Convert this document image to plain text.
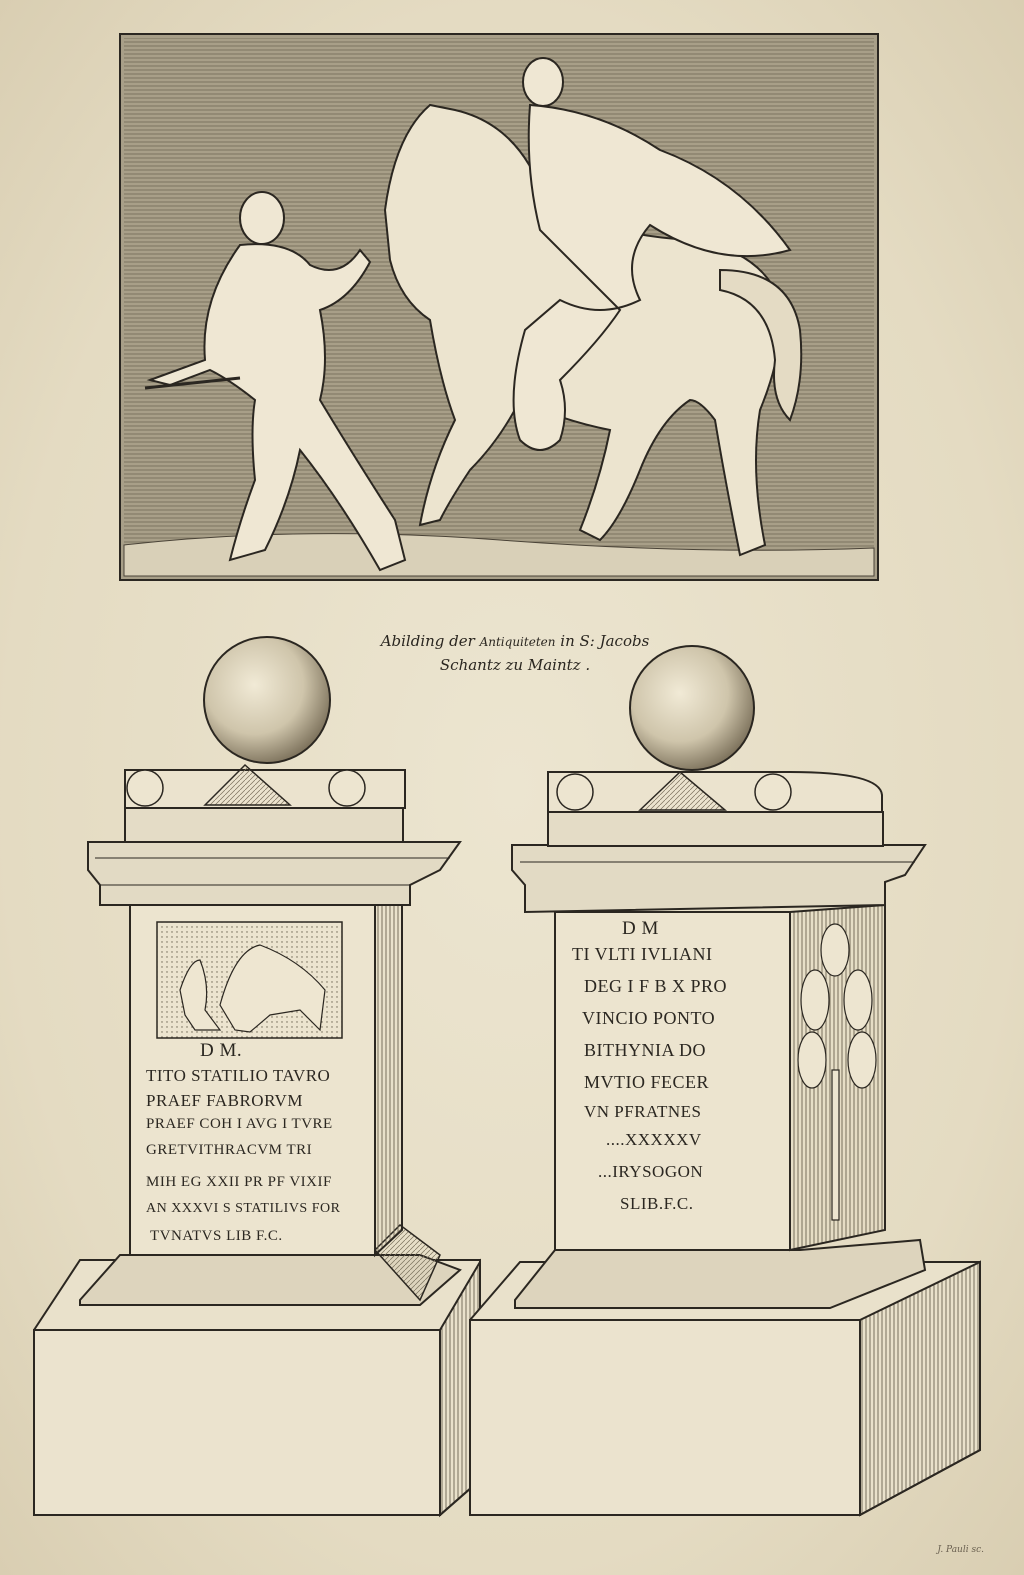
Abilding der Antiquiteten in S: Jacobs
Schantz zu Maintz .
D M.
TITO STATILIO TAVRO
PRAEF FABRORVM
PRAEF COH I AVG I TVRE
GRETVITHRACVM TRI
MIH EG XXII PR PF VIXIF
AN XXXVI S STATILIVS FOR
TVNATVS LIB F.C.
D M
TI VLTI IVLIANI
DEG I F B X PRO
VINCIO PONTO
BITHYNIA DO
MVTIO FECER
VN PFRATNES
....XXXXXV
...IRYSOGON
SLIB.F.C.
J. Pauli sc.
